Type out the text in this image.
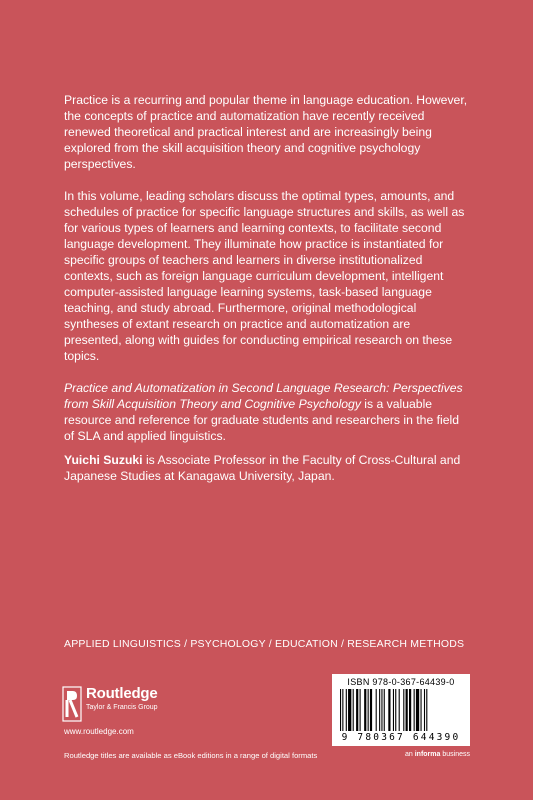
Practice is a recurring and popular theme in language education. However, the concepts of practice and automatization have recently received renewed theoretical and practical interest and are increasingly being explored from the skill acquisition theory and cognitive psychology perspectives.

In this volume, leading scholars discuss the optimal types, amounts, and schedules of practice for specific language structures and skills, as well as for various types of learners and learning contexts, to facilitate second language development. They illuminate how practice is instantiated for specific groups of teachers and learners in diverse institutionalized contexts, such as foreign language curriculum development, intelligent computer-assisted language learning systems, task-based language teaching, and study abroad. Furthermore, original methodological syntheses of extant research on practice and automatization are presented, along with guides for conducting empirical research on these topics.

Practice and Automatization in Second Language Research: Perspectives from Skill Acquisition Theory and Cognitive Psychology is a valuable resource and reference for graduate students and researchers in the field of SLA and applied linguistics.

Yuichi Suzuki is Associate Professor in the Faculty of Cross-Cultural and Japanese Studies at Kanagawa University, Japan.
APPLIED LINGUISTICS / PSYCHOLOGY / EDUCATION / RESEARCH METHODS
Routledge
Taylor & Francis Group
www.routledge.com
Routledge titles are available as eBook editions in a range of digital formats
ISBN 978-0-367-64439-0
9 780367 644390
an informa business
